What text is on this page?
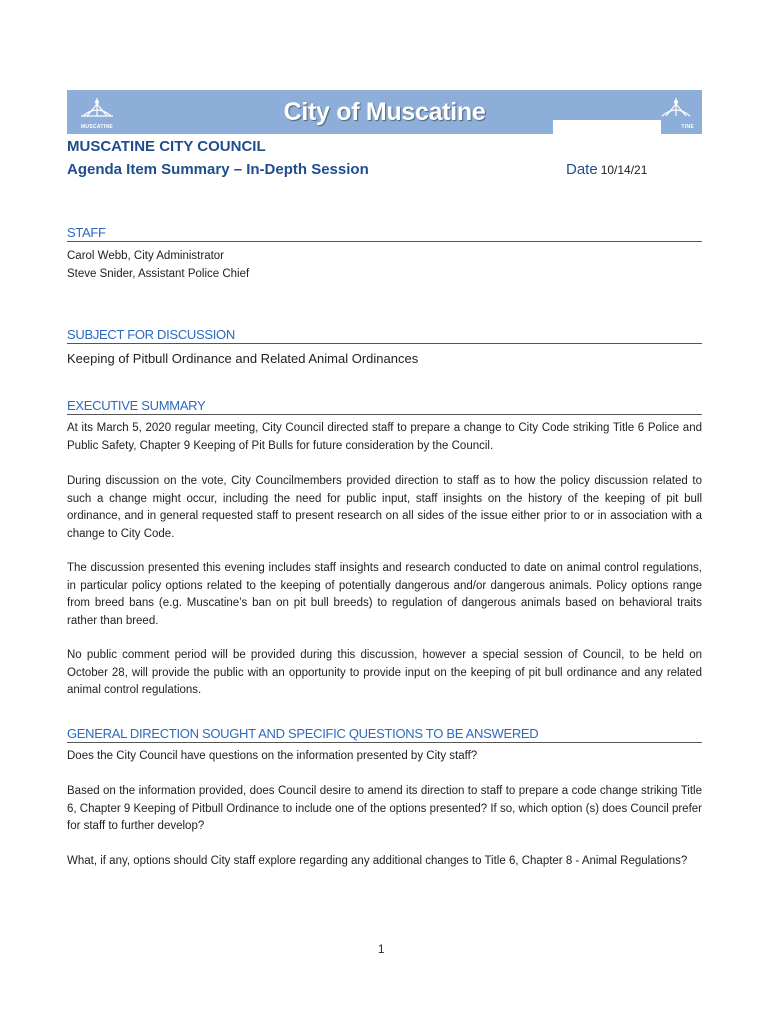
MUSCATINE
City of Muscatine
TINE
MUSCATINE CITY COUNCIL
Agenda Item Summary – In-Depth Session	Date 10/14/21
STAFF

Carol Webb, City Administrator

Steve Snider, Assistant Police Chief

SUBJECT FOR DISCUSSION

Keeping of Pitbull Ordinance and Related Animal Ordinances

EXECUTIVE SUMMARY

At its March 5, 2020 regular meeting, City Council directed staff to prepare a change to City Code striking Title 6 Police and Public Safety, Chapter 9 Keeping of Pit Bulls for future consideration by the Council.

During discussion on the vote, City Councilmembers provided direction to staff as to how the policy discussion related to such a change might occur, including the need for public input, staff insights on the history of the keeping of pit bull ordinance, and in general requested staff to present research on all sides of the issue either prior to or in association with a change to City Code.

The discussion presented this evening includes staff insights and research conducted to date on animal control regulations, in particular policy options related to the keeping of potentially dangerous and/or dangerous animals. Policy options range from breed bans (e.g. Muscatine’s ban on pit bull breeds) to regulation of dangerous animals based on behavioral traits rather than breed.

No public comment period will be provided during this discussion, however a special session of Council, to be held on October 28, will provide the public with an opportunity to provide input on the keeping of pit bull ordinance and any related animal control regulations.

GENERAL DIRECTION SOUGHT AND SPECIFIC QUESTIONS TO BE ANSWERED

Does the City Council have questions on the information presented by City staff?

Based on the information provided, does Council desire to amend its direction to staff to prepare a code change striking Title 6, Chapter 9 Keeping of Pitbull Ordinance to include one of the options presented? If so, which option (s) does Council prefer for staff to further develop?

What, if any, options should City staff explore regarding any additional changes to Title 6, Chapter 8 - Animal Regulations?

1
